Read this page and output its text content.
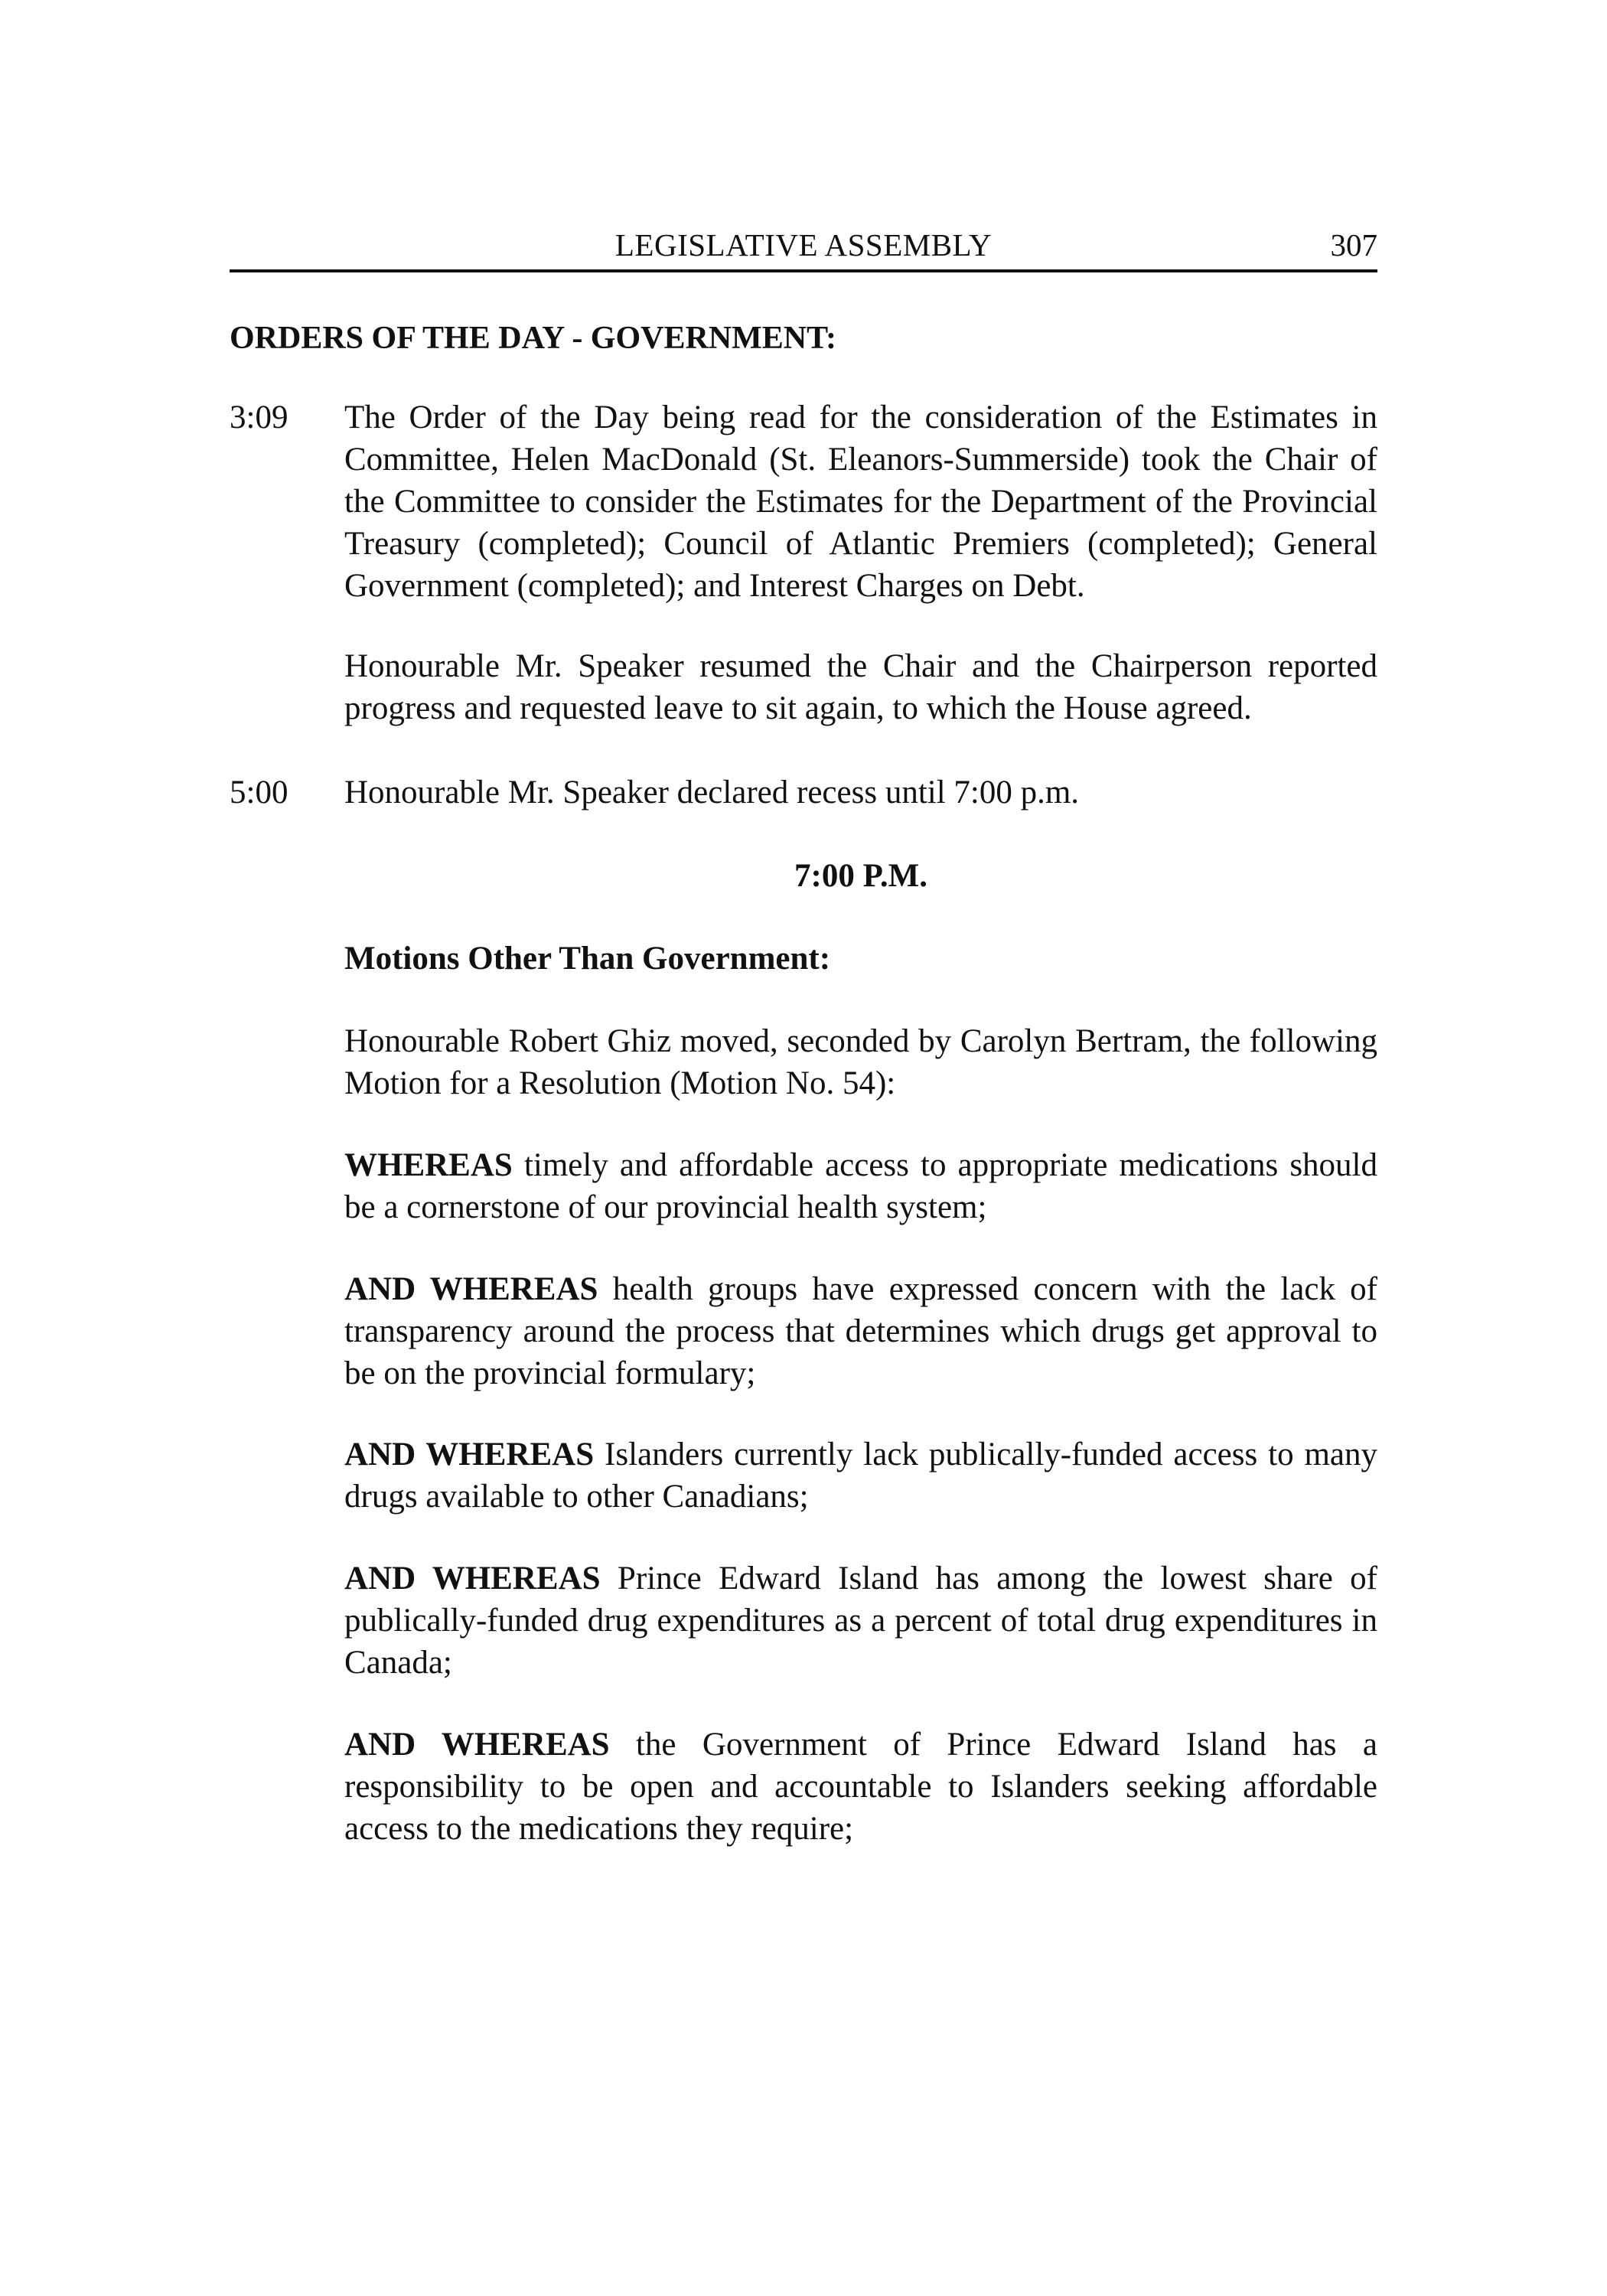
LEGISLATIVE ASSEMBLY	307
ORDERS OF THE DAY - GOVERNMENT:
3:09 The Order of the Day being read for the consideration of the Estimates in Committee, Helen MacDonald (St. Eleanors-Summerside) took the Chair of the Committee to consider the Estimates for the Department of the Provincial Treasury (completed); Council of Atlantic Premiers (completed); General Government (completed); and Interest Charges on Debt.

Honourable Mr. Speaker resumed the Chair and the Chairperson reported progress and requested leave to sit again, to which the House agreed.

5:00 Honourable Mr. Speaker declared recess until 7:00 p.m.

7:00 P.M.

Motions Other Than Government:

Honourable Robert Ghiz moved, seconded by Carolyn Bertram, the following Motion for a Resolution (Motion No. 54):

WHEREAS timely and affordable access to appropriate medications should be a cornerstone of our provincial health system;

AND WHEREAS health groups have expressed concern with the lack of transparency around the process that determines which drugs get approval to be on the provincial formulary;

AND WHEREAS Islanders currently lack publically-funded access to many drugs available to other Canadians;

AND WHEREAS Prince Edward Island has among the lowest share of publically-funded drug expenditures as a percent of total drug expenditures in Canada;

AND WHEREAS the Government of Prince Edward Island has a responsibility to be open and accountable to Islanders seeking affordable access to the medications they require;
